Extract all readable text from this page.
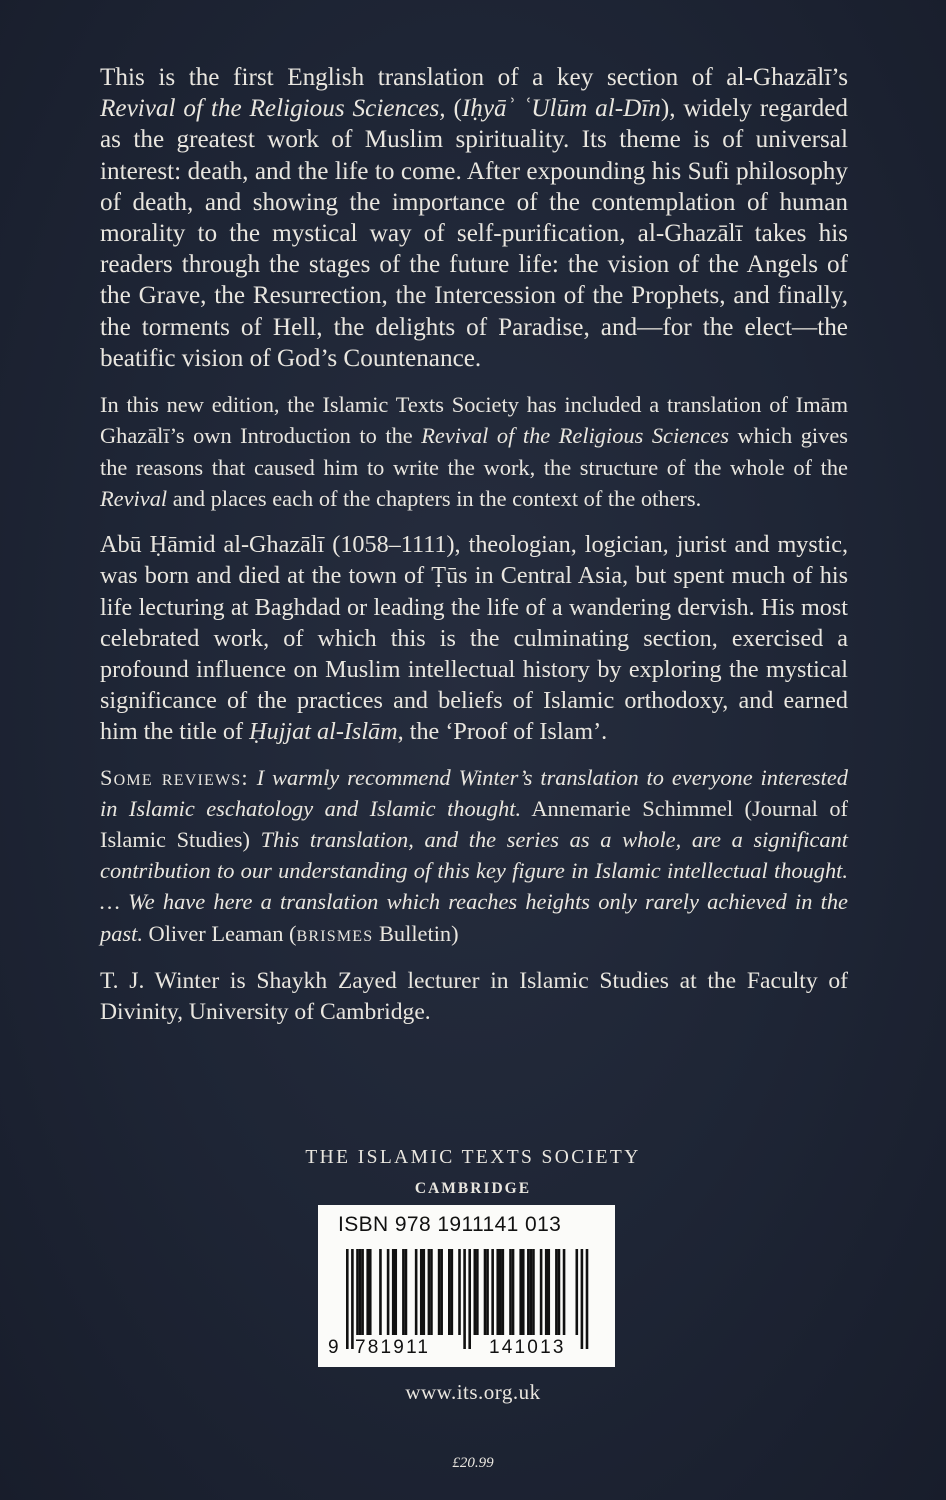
This is the first English translation of a key section of al-Ghazālī’s Revival of the Religious Sciences, (Iḥyāʾ ʿUlūm al-Dīn), widely regarded as the greatest work of Muslim spirituality. Its theme is of universal interest: death, and the life to come. After expounding his Sufi philosophy of death, and showing the importance of the contemplation of human morality to the mystical way of self-purification, al-Ghazālī takes his readers through the stages of the future life: the vision of the Angels of the Grave, the Resurrection, the Intercession of the Prophets, and finally, the torments of Hell, the delights of Paradise, and—for the elect—the beatific vision of God’s Countenance.

In this new edition, the Islamic Texts Society has included a translation of Imām Ghazālī’s own Introduction to the Revival of the Religious Sciences which gives the reasons that caused him to write the work, the structure of the whole of the Revival and places each of the chapters in the context of the others.

Abū Ḥāmid al-Ghazālī (1058–1111), theologian, logician, jurist and mystic, was born and died at the town of Ṭūs in Central Asia, but spent much of his life lecturing at Baghdad or leading the life of a wandering dervish. His most celebrated work, of which this is the culminating section, exercised a profound influence on Muslim intellectual history by exploring the mystical significance of the practices and beliefs of Islamic orthodoxy, and earned him the title of Ḥujjat al-Islām, the ‘Proof of Islam’.

Some reviews: I warmly recommend Winter’s translation to everyone interested in Islamic eschatology and Islamic thought. Annemarie Schimmel (Journal of Islamic Studies) This translation, and the series as a whole, are a significant contribution to our understanding of this key figure in Islamic intellectual thought. … We have here a translation which reaches heights only rarely achieved in the past. Oliver Leaman (brismes Bulletin)

T. J. Winter is Shaykh Zayed lecturer in Islamic Studies at the Faculty of Divinity, University of Cambridge.

THE ISLAMIC TEXTS SOCIETY
CAMBRIDGE
ISBN 978 1911141 013
9 781911	141013
www.its.org.uk
£20.99
